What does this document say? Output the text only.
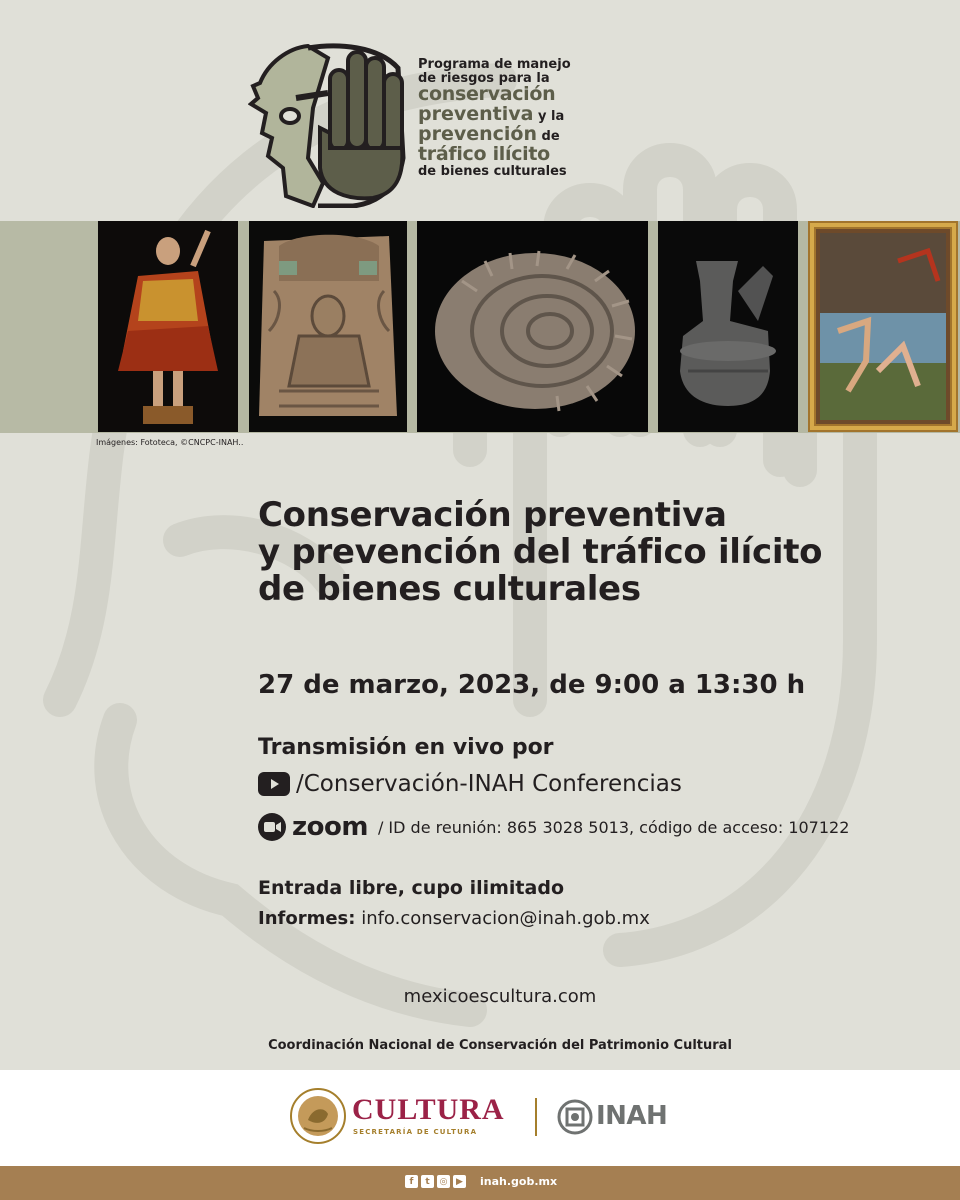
Programa de manejo
de riesgos para la
conservación
preventiva y la
prevención de
tráfico ilícito
de bienes culturales
Imágenes: Fototeca, ©CNCPC-INAH..
Conservación preventiva
y prevención del tráfico ilícito
de bienes culturales
27 de marzo, 2023, de 9:00 a 13:30 h
Transmisión en vivo por
/Conservación-INAH Conferencias
zoom / ID de reunión: 865 3028 5013, código de acceso: 107122
Entrada libre, cupo ilimitado
Informes: info.conservacion@inah.gob.mx
mexicoescultura.com
Coordinación Nacional de Conservación del Patrimonio Cultural
CULTURA
SECRETARÍA DE CULTURA
INAH
f	t	◎ ▶ inah.gob.mx
